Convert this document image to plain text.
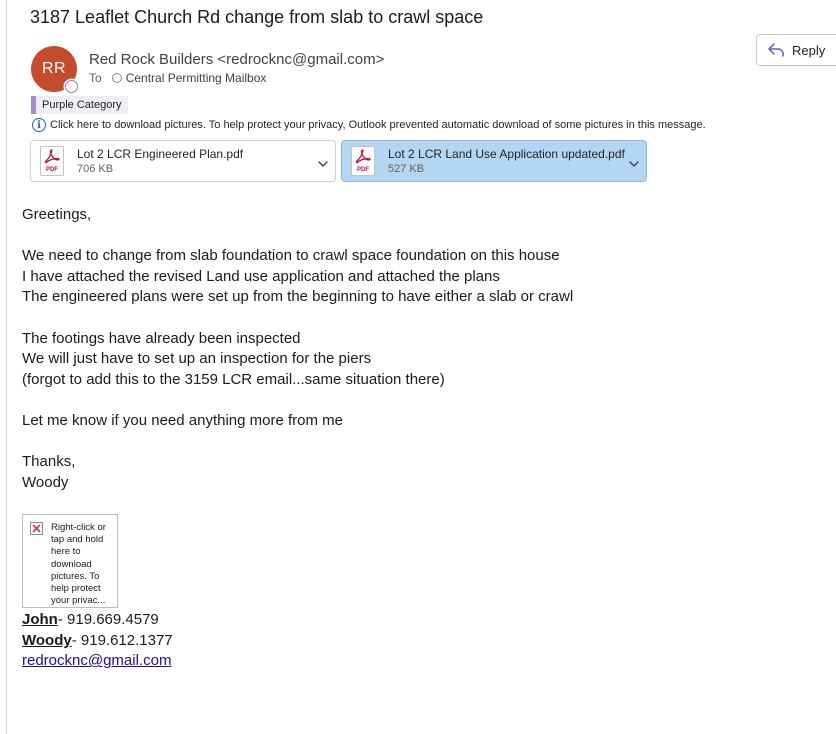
3187 Leaflet Church Rd change from slab to crawl space
Reply
RR
Red Rock Builders <redrocknc@gmail.com>
To Central Permitting Mailbox
Purple Category
i Click here to download pictures. To help protect your privacy, Outlook prevented automatic download of some pictures in this message.
PDF
Lot 2 LCR Engineered Plan.pdf
706 KB	PDF
Lot 2 LCR Land Use Application updated.pdf
527 KB
Greetings,
We need to change from slab foundation to crawl space foundation on this house
I have attached the revised Land use application and attached the plans
The engineered plans were set up from the beginning to have either a slab or crawl
The footings have already been inspected
We will just have to set up an inspection for the piers
(forgot to add this to the 3159 LCR email...same situation there)
Let me know if you need anything more from me
Thanks,
Woody
Right-click or tap and hold here to download pictures. To help protect your privac...
John- 919.669.4579
Woody- 919.612.1377
redrocknc@gmail.com
